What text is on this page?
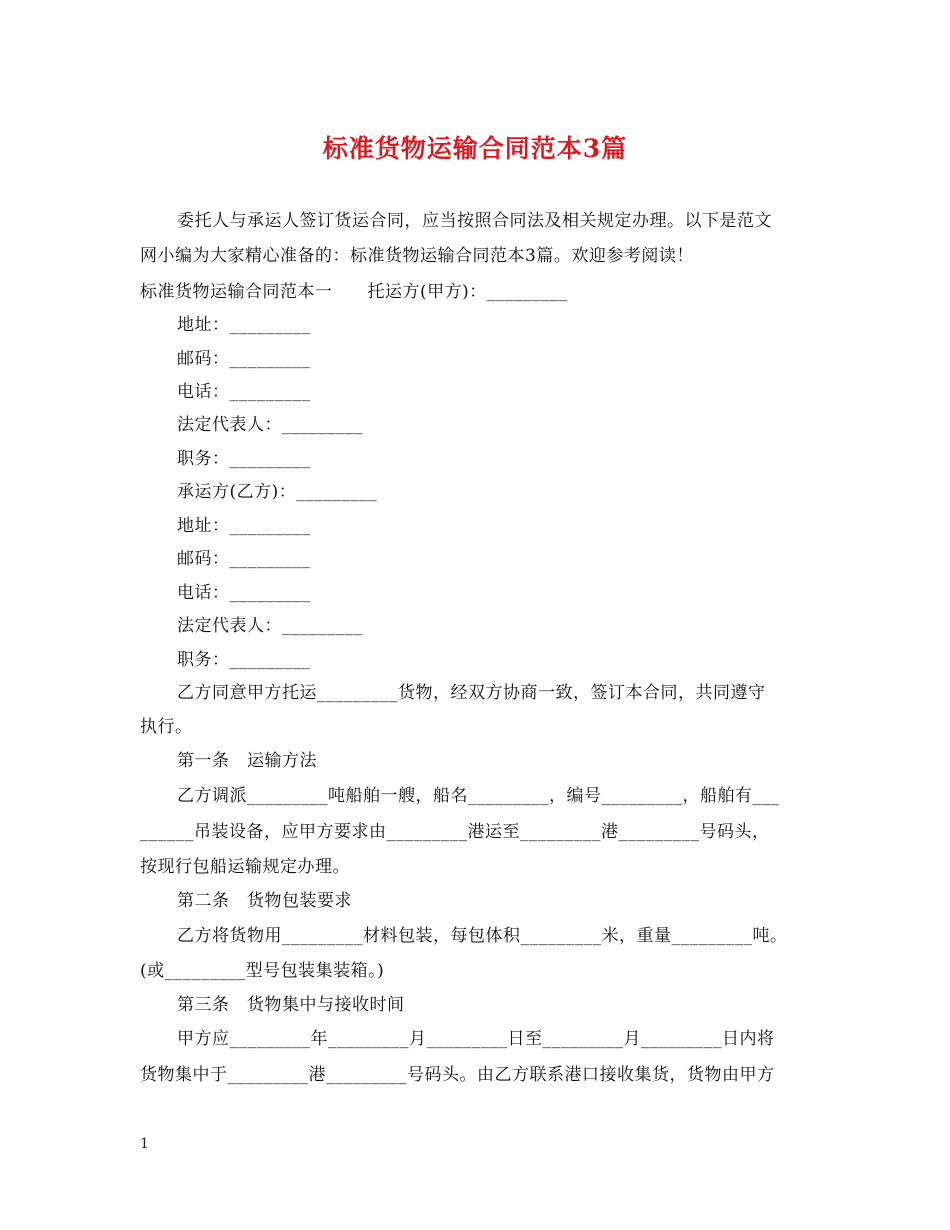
标准货物运输合同范本3篇
委托人与承运人签订货运合同，应当按照合同法及相关规定办理。以下是范文
网小编为大家精心准备的：标准货物运输合同范本3篇。欢迎参考阅读！
标准货物运输合同范本一　　托运方(甲方)：_________
地址：_________
邮码：_________
电话：_________
法定代表人：_________
职务：_________
承运方(乙方)：_________
地址：_________
邮码：_________
电话：_________
法定代表人：_________
职务：_________
乙方同意甲方托运_________货物，经双方协商一致，签订本合同，共同遵守
执行。
第一条　运输方法
乙方调派_________吨船舶一艘，船名_________，编号_________，船舶有___
______吊装设备，应甲方要求由_________港运至_________港_________号码头，
按现行包船运输规定办理。
第二条　货物包装要求
乙方将货物用_________材料包装，每包体积_________米，重量_________吨。
(或_________型号包装集装箱。)
第三条　货物集中与接收时间
甲方应_________年_________月_________日至_________月_________日内将
货物集中于_________港_________号码头。由乙方联系港口接收集货，货物由甲方
1
